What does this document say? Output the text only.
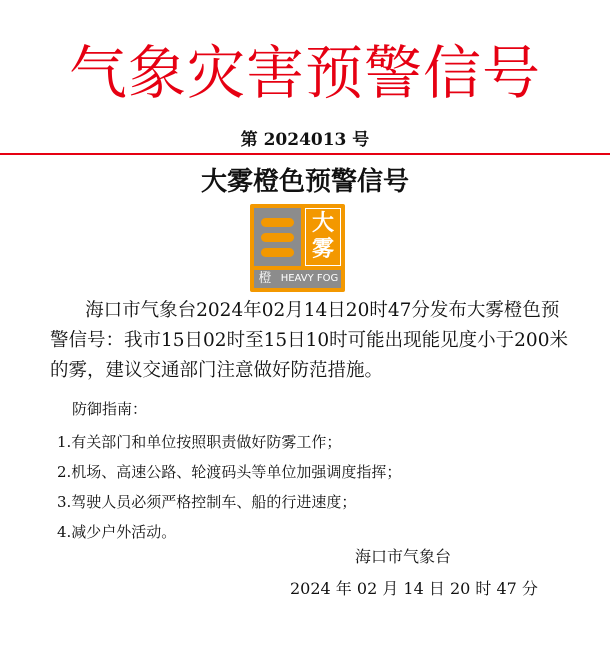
气象灾害预警信号
第 2024013 号
大雾橙色预警信号
大
雾
橙 HEAVY FOG
海口市气象台2024年02月14日20时47分发布大雾橙色预警信号：我市15日02时至15日10时可能出现能见度小于200米的雾，建议交通部门注意做好防范措施。
防御指南：
1.有关部门和单位按照职责做好防雾工作；
2.机场、高速公路、轮渡码头等单位加强调度指挥；
3.驾驶人员必须严格控制车、船的行进速度；
4.减少户外活动。
海口市气象台
2024 年 02 月 14 日 20 时 47 分
